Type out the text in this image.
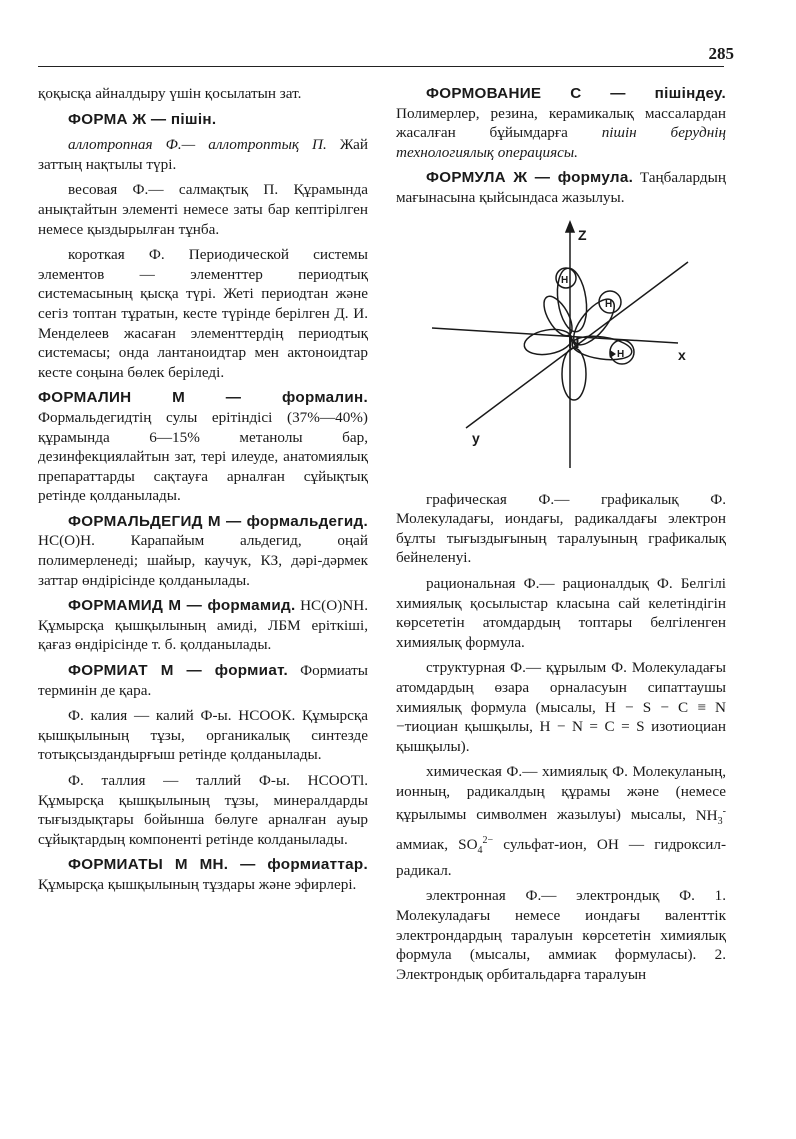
285

қоқысқа айналдыру үшін қосылатын зат.

ФОРМА Ж — пішін.

аллотропная Ф.— аллотроптық П. Жай заттың нақтылы түрі.

весовая Ф.— салмақтық П. Құрамында анықтайтын элементі немесе заты бар кептірілген немесе қыздырылған тұнба.

короткая Ф. Периодической системы элементов — элементтер периодтық системасының қысқа түрі. Жеті периодтан және сегіз топтан тұратын, кесте түрінде берілген Д. И. Менделеев жасаған элементтердің периодтық системасы; онда лантаноидтар мен актоноидтар кесте соңына бөлек беріледі.

ФОРМАЛИН М — формалин. Формальдегидтің сулы ерітіндісі (37%—40%) құрамында 6—15% метанолы бар, дезинфекциялайтын зат, тері илеуде, анатомиялық препараттарды сақтауға арналған сұйықтық ретінде қолданылады.

ФОРМАЛЬДЕГИД М — формальдегид. НС(О)Н. Карапайым альдегид, оңай полимерленеді; шайыр, каучук, КЗ, дәрі-дәрмек заттар өндірісінде қолданылады.

ФОРМАМИД М — формамид. НС(О)NН. Құмырсқа қышқылының амиді, ЛБМ еріткіші, қағаз өндірісінде т. б. қолданылады.

ФОРМИАТ М — формиат. Формиаты терминін де қара.

Ф. калия — калий Ф-ы. НСООК. Құмырсқа қышқылының тұзы, органикалық синтезде тотықсыздандырғыш ретінде қолданылады.

Ф. таллия — таллий Ф-ы. НСООТl. Құмырсқа қышқылының тұзы, минералдарды тығыздықтары бойынша бөлуге арналған ауыр сұйықтардың компоненті ретінде колданылады.

ФОРМИАТЫ М МН. — формиаттар. Құмырсқа қышқылының тұздары және эфирлері.

ФОРМОВАНИЕ С — пішіндеу. Полимерлер, резина, керамикалық массалардан жасалған бұйымдарға пішін беруднің технологиялық операциясы.

ФОРМУЛА Ж — формула. Таңбалардың мағынасына қыйсындаса жазылуы.

Z
x
y
N
H
H
H

графическая Ф.— графикалық Ф. Молекуладағы, иондағы, радикалдағы электрон бұлты тығыздығының таралуының графикалық бейнеленуі.

рациональная Ф.— рационалдық Ф. Белгілі химиялық қосылыстар класына сай келетіндігін көрсететін атомдардың топтары белгіленген химиялық формула.

структурная Ф.— құрылым Ф. Молекуладағы атомдардың өзара орналасуын сипаттаушы химиялық формула (мысалы, H − S − C ≡ N −тиоциан қышқылы, H − N = C = S изотиоциан қышқылы).

химическая Ф.— химиялық Ф. Молекуланың, ионның, радикалдың құрамы және (немесе құрылымы символмен жазылуы) мысалы, $NH_3^-$ аммиак, $SO_4^{2-}$ сульфат-ион, OH — гидроксил-радикал.

электронная Ф.— электрондық Ф. 1. Молекуладағы немесе иондағы валенттік электрондардың таралуын көрсететін химиялық формула (мысалы, аммиак формуласы). 2. Электрондық орбитальдарға таралуын
